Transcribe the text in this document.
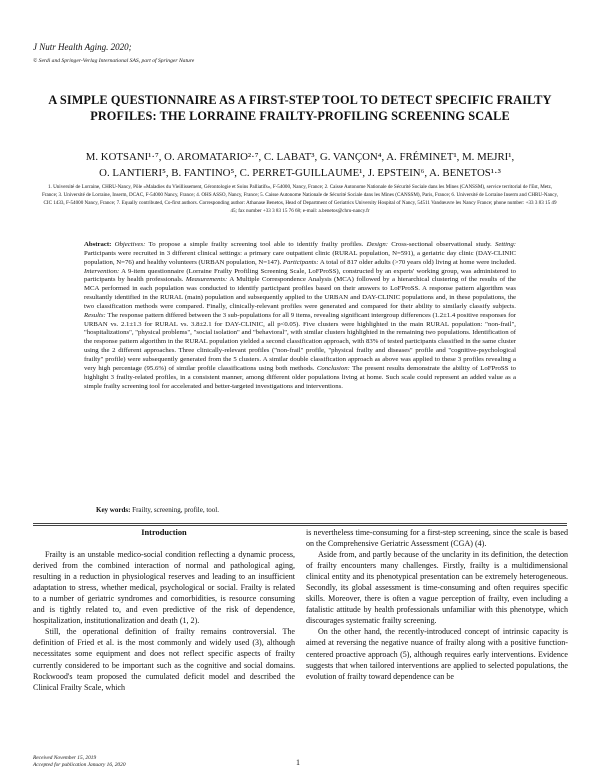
J Nutr Health Aging. 2020;
© Serdi and Springer-Verlag International SAS, part of Springer Nature
A SIMPLE QUESTIONNAIRE AS A FIRST-STEP TOOL TO DETECT SPECIFIC FRAILTY PROFILES: THE LORRAINE FRAILTY-PROFILING SCREENING SCALE
M. KOTSANI¹·⁷, O. AROMATARIO²·⁷, C. LABAT³, G. VANÇON⁴, A. FRÉMINET¹, M. MEJRI¹,
O. LANTIERI⁵, B. FANTINO⁵, C. PERRET-GUILLAUME¹, J. EPSTEIN⁶, A. BENETOS¹·³
1. Université de Lorraine, CHRU-Nancy, Pôle «Maladies du Vieillissement, Gérontologie et Soins Palliatifs», F-54000, Nancy, France; 2. Caisse Autonome Nationale de Sécurité Sociale dans les Mines (CANSSM), service territorial de l'Est, Metz, France; 3. Université de Lorraine, Inserm, DCAC, F-54000 Nancy, France; 4. OHS ASSO, Nancy, France; 5. Caisse Autonome Nationale de Sécurité Sociale dans les Mines (CANSSM), Paris, France; 6. Université de Lorraine Inserm and CHRU-Nancy, CIC 1433, F-54000 Nancy, France; 7. Equally contributed, Co-first authors. Corresponding author: Athanase Benetos, Head of Department of Geriatrics University Hospital of Nancy, 54511 Vandœuvre les Nancy France; phone number: +33 3 83 15 49 45; fax number +33 3 83 15 76 68; e-mail: a.benetos@chru-nancy.fr
Abstract: Objectives: To propose a simple frailty screening tool able to identify frailty profiles. Design: Cross-sectional observational study. Setting: Participants were recruited in 3 different clinical settings: a primary care outpatient clinic (RURAL population, N=591), a geriatric day clinic (DAY-CLINIC population, N=76) and healthy volunteers (URBAN population, N=147). Participants: A total of 817 older adults (>70 years old) living at home were included. Intervention: A 9-item questionnaire (Lorraine Frailty Profiling Screening Scale, LoFProSS), constructed by an experts' working group, was administered to participants by health professionals. Measurements: A Multiple Correspondence Analysis (MCA) followed by a hierarchical clustering of the results of the MCA performed in each population was conducted to identify participant profiles based on their answers to LoFProSS. A response pattern algorithm was resultantly identified in the RURAL (main) population and subsequently applied to the URBAN and DAY-CLINIC populations and, in these populations, the two classification methods were compared. Finally, clinically-relevant profiles were generated and compared for their ability to similarly classify subjects. Results: The response pattern differed between the 3 sub-populations for all 9 items, revealing significant intergroup differences (1.2±1.4 positive responses for URBAN vs. 2.1±1.3 for RURAL vs. 3.8±2.1 for DAY-CLINIC, all p<0.05). Five clusters were highlighted in the main RURAL population: "non-frail", "hospitalizations", "physical problems", "social isolation" and "behavioral", with similar clusters highlighted in the remaining two populations. Identification of the response pattern algorithm in the RURAL population yielded a second classification approach, with 83% of tested participants classified in the same cluster using the 2 different approaches. Three clinically-relevant profiles ("non-frail" profile, "physical frailty and diseases" profile and "cognitive-psychological frailty" profile) were subsequently generated from the 5 clusters. A similar double classification approach as above was applied to these 3 profiles revealing a very high percentage (95.6%) of similar profile classifications using both methods. Conclusion: The present results demonstrate the ability of LoFProSS to highlight 3 frailty-related profiles, in a consistent manner, among different older populations living at home. Such scale could represent an added value as a simple frailty screening tool for accelerated and better-targeted investigations and interventions.
Key words: Frailty, screening, profile, tool.

Introduction

Frailty is an unstable medico-social condition reflecting a dynamic process, derived from the combined interaction of normal and pathological aging, resulting in a reduction in physiological reserves and leading to an insufficient adaptation to stress, whether medical, psychological or social. Frailty is related to a number of geriatric syndromes and comorbidities, is resource consuming and is tightly related to, and even predictive of the risk of dependence, hospitalization, institutionalization and death (1, 2).

Still, the operational definition of frailty remains controversial. The definition of Fried et al. is the most commonly and widely used (3), although necessitates some equipment and does not reflect specific aspects of frailty currently considered to be important such as the cognitive and social domains. Rockwood's team proposed the cumulated deficit model and described the Clinical Frailty Scale, which

is nevertheless time-consuming for a first-step screening, since the scale is based on the Comprehensive Geriatric Assessment (CGA) (4).

Aside from, and partly because of the unclarity in its definition, the detection of frailty encounters many challenges. Firstly, frailty is a multidimensional clinical entity and its phenotypical presentation can be extremely heterogeneous. Secondly, its global assessment is time-consuming and often requires specific skills. Moreover, there is often a vague perception of frailty, even including a fatalistic attitude by health professionals unfamiliar with this phenotype, which discourages systematic frailty screening.

On the other hand, the recently-introduced concept of intrinsic capacity is aimed at reversing the negative nuance of frailty along with a positive function-centered proactive approach (5), although requires early interventions. Evidence suggests that when tailored interventions are applied to selected populations, the evolution of frailty toward dependence can be

Received November 15, 2019
Accepted for publication January 16, 2020	1
